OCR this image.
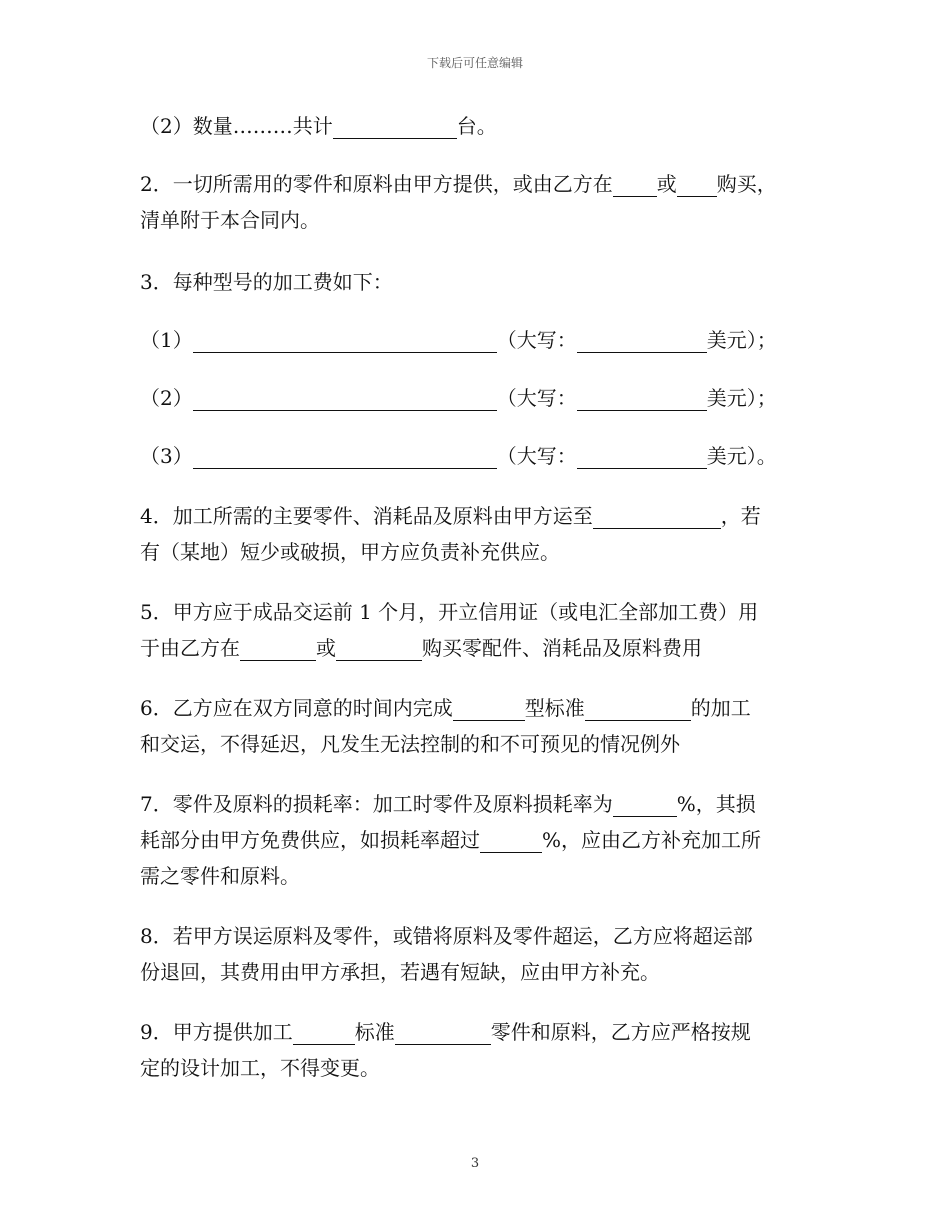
下载后可任意编辑
（2）数量………共计	台。
2．一切所需用的零件和原料由甲方提供，或由乙方在 或 购买，
清单附于本合同内。
3．每种型号的加工费如下：
（1）	（大写：	美元）；
（2）	（大写：	美元）；
（3）	（大写：	美元）。
4．加工所需的主要零件、消耗品及原料由甲方运至	，若
有（某地）短少或破损，甲方应负责补充供应。
5．甲方应于成品交运前 1 个月，开立信用证（或电汇全部加工费）用
于由乙方在	或	购买零配件、消耗品及原料费用
6．乙方应在双方同意的时间内完成	型标准	的加工
和交运，不得延迟，凡发生无法控制的和不可预见的情况例外
7．零件及原料的损耗率：加工时零件及原料损耗率为	%，其损
耗部分由甲方免费供应，如损耗率超过	%，应由乙方补充加工所
需之零件和原料。
8．若甲方误运原料及零件，或错将原料及零件超运，乙方应将超运部
份退回，其费用由甲方承担，若遇有短缺，应由甲方补充。
9．甲方提供加工	标准	零件和原料，乙方应严格按规
定的设计加工，不得变更。
3
